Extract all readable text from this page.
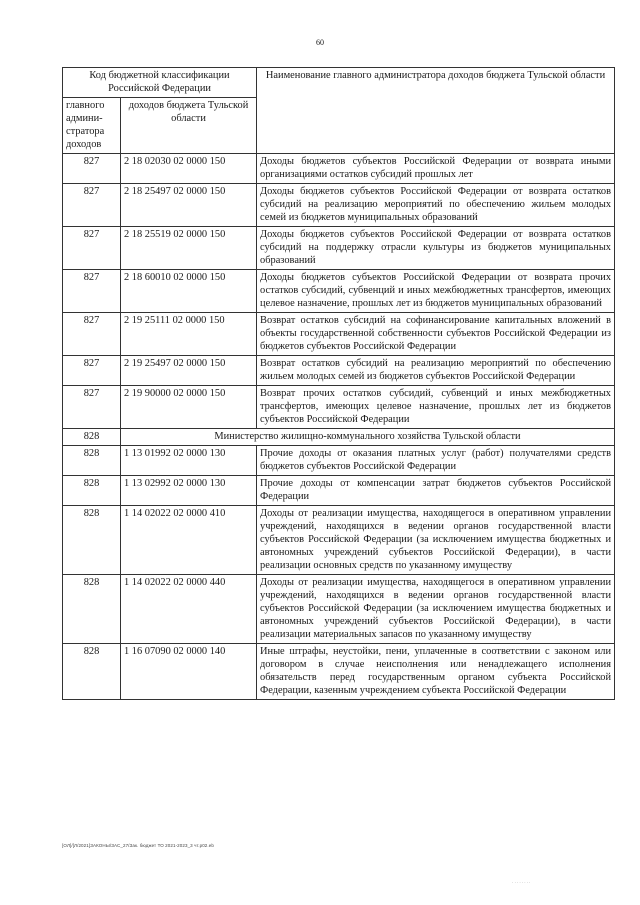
60
Код бюджетной классификации Российской Федерации		Наименование главного администратора доходов бюджета Тульской области
главного админи-стратора доходов	доходов бюджета Тульской области	
827	2 18 02030 02 0000 150	Доходы бюджетов субъектов Российской Федерации от возврата иными организациями остатков субсидий прошлых лет
827	2 18 25497 02 0000 150	Доходы бюджетов субъектов Российской Федерации от возврата остатков субсидий на реализацию мероприятий по обеспечению жильем молодых семей из бюджетов муниципальных образований
827	2 18 25519 02 0000 150	Доходы бюджетов субъектов Российской Федерации от возврата остатков субсидий на поддержку отрасли культуры из бюджетов муниципальных образований
827	2 18 60010 02 0000 150	Доходы бюджетов субъектов Российской Федерации от возврата прочих остатков субсидий, субвенций и иных межбюджетных трансфертов, имеющих целевое назначение, прошлых лет из бюджетов муниципальных образований
827	2 19 25111 02 0000 150	Возврат остатков субсидий на софинансирование капитальных вложений в объекты государственной собственности субъектов Российской Федерации из бюджетов субъектов Российской Федерации
827	2 19 25497 02 0000 150	Возврат остатков субсидий на реализацию мероприятий по обеспечению жильем молодых семей из бюджетов субъектов Российской Федерации
827	2 19 90000 02 0000 150	Возврат прочих остатков субсидий, субвенций и иных межбюджетных трансфертов, имеющих целевое назначение, прошлых лет из бюджетов субъектов Российской Федерации
828	Министерство жилищно-коммунального хозяйства Тульской области	
828	1 13 01992 02 0000 130	Прочие доходы от оказания платных услуг (работ) получателями средств бюджетов субъектов Российской Федерации
828	1 13 02992 02 0000 130	Прочие доходы от компенсации затрат бюджетов субъектов Российской Федерации
828	1 14 02022 02 0000 410	Доходы от реализации имущества, находящегося в оперативном управлении учреждений, находящихся в ведении органов государственной власти субъектов Российской Федерации (за исключением имущества бюджетных и автономных учреждений субъектов Российской Федерации), в части реализации основных средств по указанному имуществу
828	1 14 02022 02 0000 440	Доходы от реализации имущества, находящегося в оперативном управлении учреждений, находящихся в ведении органов государственной власти субъектов Российской Федерации (за исключением имущества бюджетных и автономных учреждений субъектов Российской Федерации), в части реализации материальных запасов по указанному имуществу
828	1 16 07090 02 0000 140	Иные штрафы, неустойки, пени, уплаченные в соответствии с законом или договором в случае неисполнения или ненадлежащего исполнения обязательств перед государственным органом субъекта Российской Федерации, казенным учреждением субъекта Российской Федерации
[OЛ]/[Л/2021]ЗАКОНЫ/ЗАС_27/Зак. бюджет ТО 2021-2023_3 чт.p02.eb
· · · · · · · ·
